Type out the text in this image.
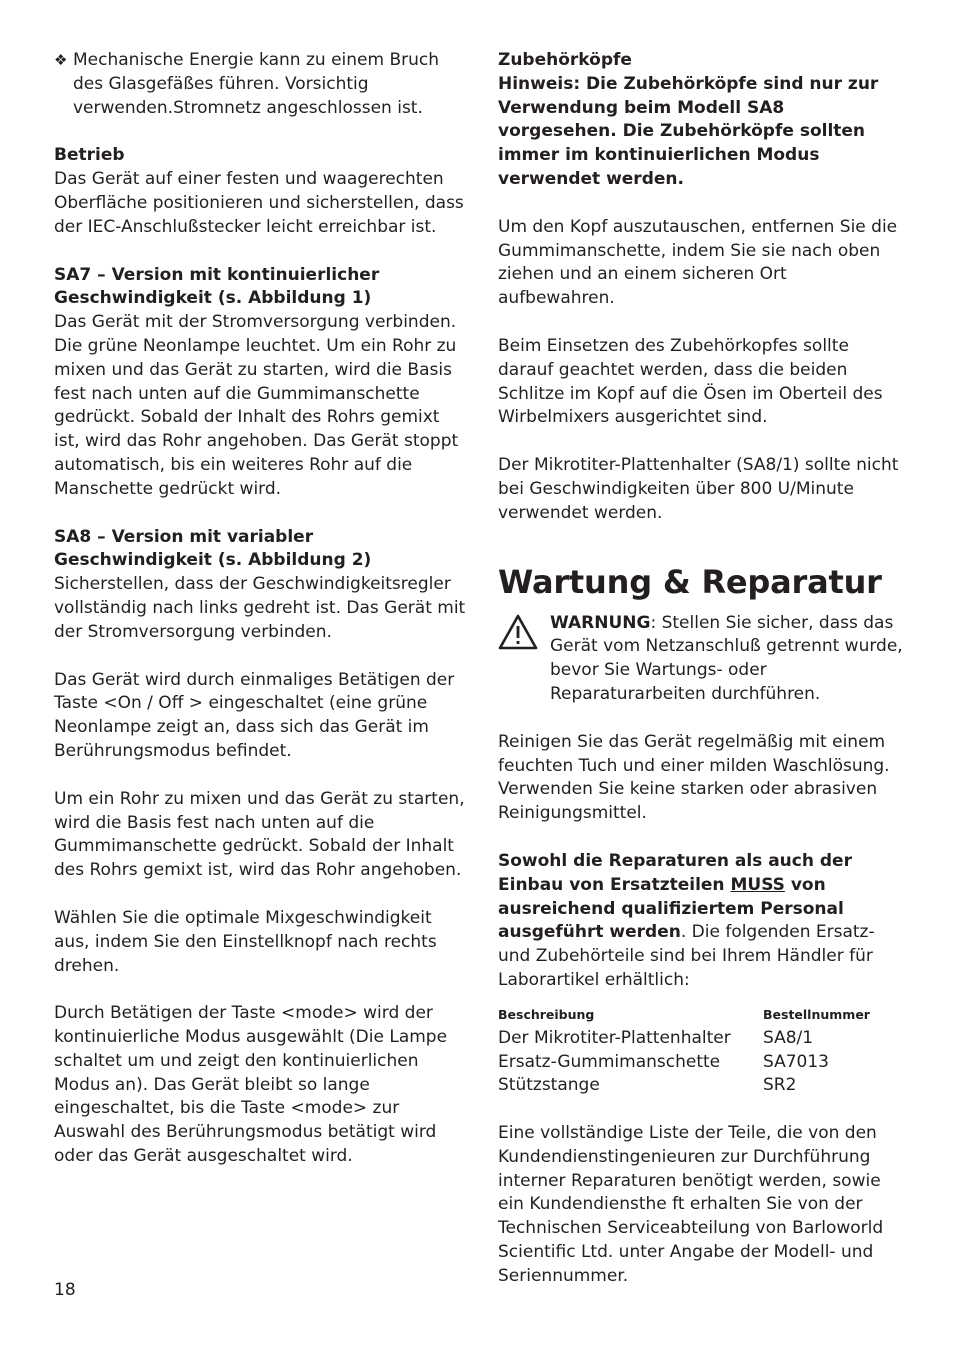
❖ Mechanische Energie kann zu einem Bruch des Glasgefäßes führen. Vorsichtig verwenden.Stromnetz angeschlossen ist.

Betrieb

Das Gerät auf einer festen und waagerechten Oberfläche positionieren und sicherstellen, dass der IEC-Anschlußstecker leicht erreichbar ist.

SA7 – Version mit kontinuierlicher Geschwindigkeit (s. Abbildung 1)

Das Gerät mit der Stromversorgung verbinden. Die grüne Neonlampe leuchtet. Um ein Rohr zu mixen und das Gerät zu starten, wird die Basis fest nach unten auf die Gummimanschette gedrückt. Sobald der Inhalt des Rohrs gemixt ist, wird das Rohr angehoben. Das Gerät stoppt automatisch, bis ein weiteres Rohr auf die Manschette gedrückt wird.

SA8 – Version mit variabler Geschwindigkeit (s. Abbildung 2)

Sicherstellen, dass der Geschwindigkeitsregler vollständig nach links gedreht ist. Das Gerät mit der Stromversorgung verbinden.

Das Gerät wird durch einmaliges Betätigen der Taste <On / Off > eingeschaltet (eine grüne Neonlampe zeigt an, dass sich das Gerät im Berührungsmodus befindet.

Um ein Rohr zu mixen und das Gerät zu starten, wird die Basis fest nach unten auf die Gummimanschette gedrückt. Sobald der Inhalt des Rohrs gemixt ist, wird das Rohr angehoben.

Wählen Sie die optimale Mixgeschwindigkeit aus, indem Sie den Einstellknopf nach rechts drehen.

Durch Betätigen der Taste <mode> wird der kontinuierliche Modus ausgewählt (Die Lampe schaltet um und zeigt den kontinuierlichen Modus an). Das Gerät bleibt so lange eingeschaltet, bis die Taste <mode> zur Auswahl des Berührungsmodus betätigt wird oder das Gerät ausgeschaltet wird.

Zubehörköpfe

Hinweis: Die Zubehörköpfe sind nur zur Verwendung beim Modell SA8 vorgesehen. Die Zubehörköpfe sollten immer im kontinuierlichen Modus verwendet werden.

Um den Kopf auszutauschen, entfernen Sie die Gummimanschette, indem Sie sie nach oben ziehen und an einem sicheren Ort aufbewahren.

Beim Einsetzen des Zubehörkopfes sollte darauf geachtet werden, dass die beiden Schlitze im Kopf auf die Ösen im Oberteil des Wirbelmixers ausgerichtet sind.

Der Mikrotiter-Plattenhalter (SA8/1) sollte nicht bei Geschwindigkeiten über 800 U/Minute verwendet werden.

Wartung & Reparatur

WARNUNG: Stellen Sie sicher, dass das Gerät vom Netzanschluß getrennt wurde, bevor Sie Wartungs- oder Reparaturarbeiten durchführen.

Reinigen Sie das Gerät regelmäßig mit einem feuchten Tuch und einer milden Waschlösung. Verwenden Sie keine starken oder abrasiven Reinigungsmittel.

Sowohl die Reparaturen als auch der Einbau von Ersatzteilen MUSS von ausreichend qualifiziertem Personal ausgeführt werden. Die folgenden Ersatz- und Zubehörteile sind bei Ihrem Händler für Laborartikel erhältlich:

Beschreibung	Bestellnummer
Der Mikrotiter-Plattenhalter	SA8/1
Ersatz-Gummimanschette	SA7013
Stützstange	SR2

Eine vollständige Liste der Teile, die von den Kundendienstingenieuren zur Durchführung interner Reparaturen benötigt werden, sowie ein Kundendiensthe ft erhalten Sie von der Technischen Serviceabteilung von Barloworld Scientific Ltd. unter Angabe der Modell- und Seriennummer.

18
